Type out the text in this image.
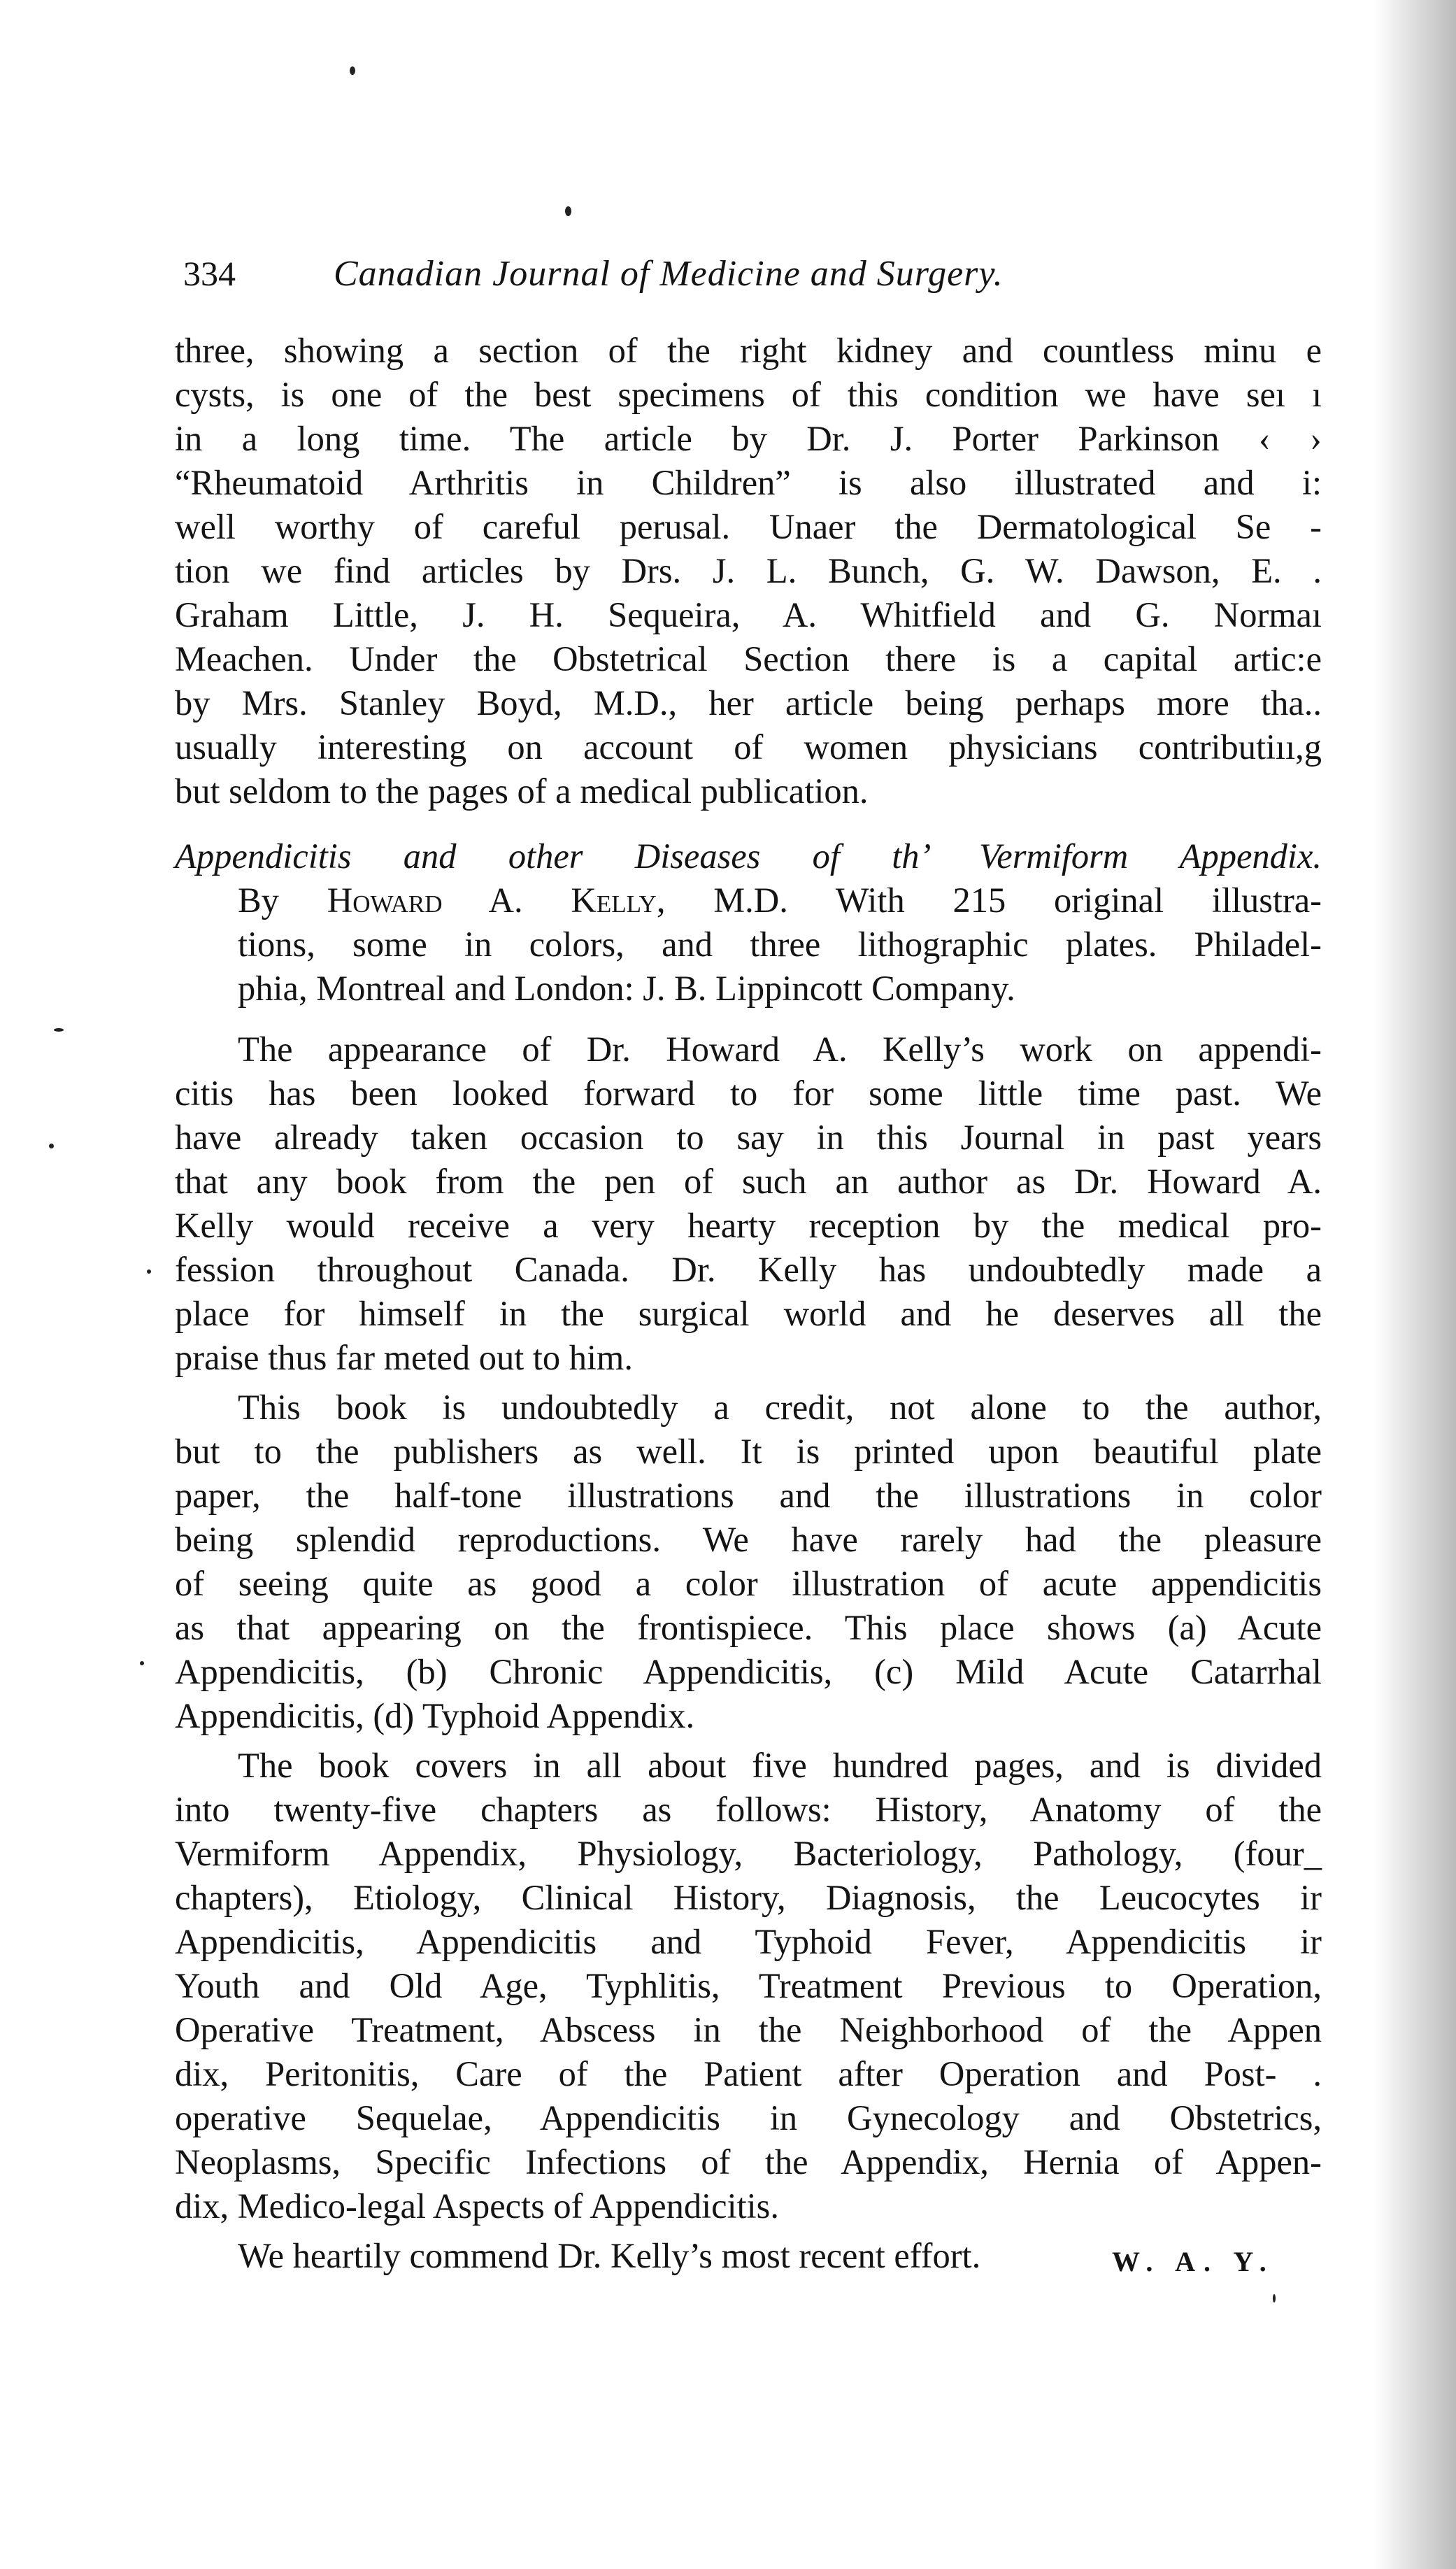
334	Canadian Journal of Medicine and Surgery.
three, showing a section of the right kidney and countless minu e
cysts, is one of the best specimens of this condition we have seı ı
in a long time. The article by Dr. J. Porter Parkinson ‹ ›
“Rheumatoid Arthritis in Children” is also illustrated and i:
well worthy of careful perusal. Unaer the Dermatological Se -
tion we find articles by Drs. J. L. Bunch, G. W. Dawson, E. .
Graham Little, J. H. Sequeira, A. Whitfield and G. Normaı
Meachen. Under the Obstetrical Section there is a capital artic:e
by Mrs. Stanley Boyd, M.D., her article being perhaps more tha..
usually interesting on account of women physicians contributiıı,g
but seldom to the pages of a medical publication.
Appendicitis and other Diseases of th’ Vermiform Appendix.
By Howard A. Kelly, M.D. With 215 original illustra-
tions, some in colors, and three lithographic plates. Philadel-
phia, Montreal and London: J. B. Lippincott Company.
The appearance of Dr. Howard A. Kelly’s work on appendi-
citis has been looked forward to for some little time past. We
have already taken occasion to say in this Journal in past years
that any book from the pen of such an author as Dr. Howard A.
Kelly would receive a very hearty reception by the medical pro-
fession throughout Canada. Dr. Kelly has undoubtedly made a
place for himself in the surgical world and he deserves all the
praise thus far meted out to him.
This book is undoubtedly a credit, not alone to the author,
but to the publishers as well. It is printed upon beautiful plate
paper, the half-tone illustrations and the illustrations in color
being splendid reproductions. We have rarely had the pleasure
of seeing quite as good a color illustration of acute appendicitis
as that appearing on the frontispiece. This place shows (a) Acute
Appendicitis, (b) Chronic Appendicitis, (c) Mild Acute Catarrhal
Appendicitis, (d) Typhoid Appendix.
The book covers in all about five hundred pages, and is divided
into twenty-five chapters as follows: History, Anatomy of the
Vermiform Appendix, Physiology, Bacteriology, Pathology, (four_
chapters), Etiology, Clinical History, Diagnosis, the Leucocytes ir
Appendicitis, Appendicitis and Typhoid Fever, Appendicitis ir
Youth and Old Age, Typhlitis, Treatment Previous to Operation,
Operative Treatment, Abscess in the Neighborhood of the Appen
dix, Peritonitis, Care of the Patient after Operation and Post- .
operative Sequelae, Appendicitis in Gynecology and Obstetrics,
Neoplasms, Specific Infections of the Appendix, Hernia of Appen-
dix, Medico-legal Aspects of Appendicitis.
We heartily commend Dr. Kelly’s most recent effort.	W. A. Y.
